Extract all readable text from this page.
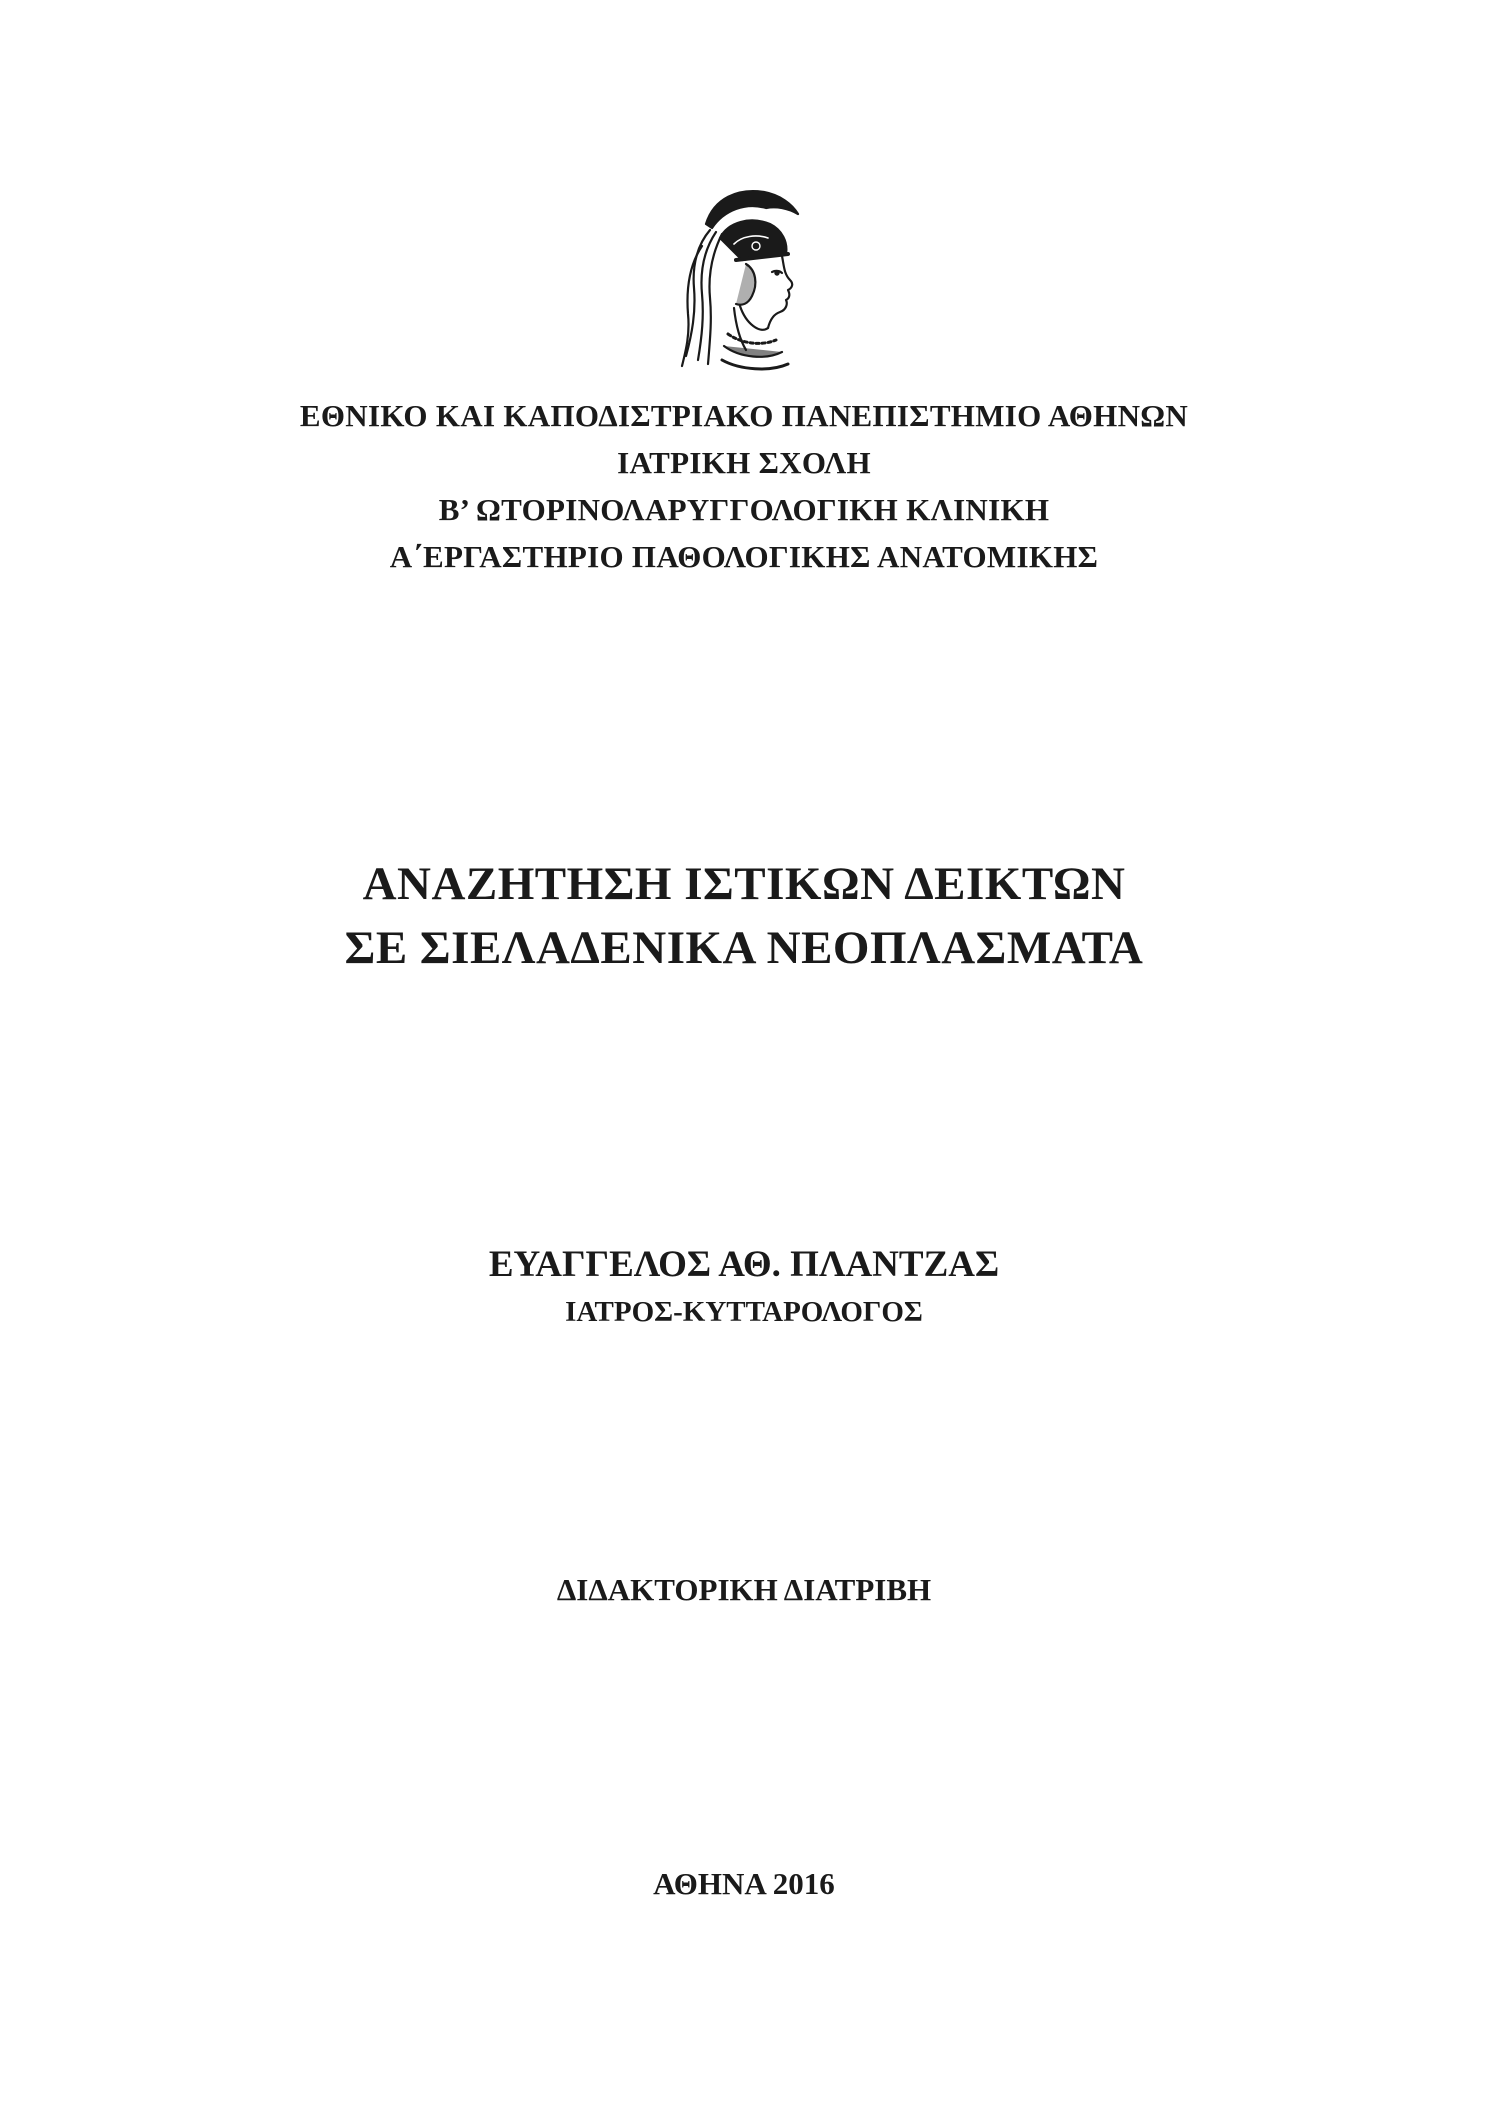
ΕΘΝΙΚΟ ΚΑΙ ΚΑΠΟΔΙΣΤΡΙΑΚΟ ΠΑΝΕΠΙΣΤΗΜΙΟ ΑΘΗΝΩΝ
ΙΑΤΡΙΚΗ ΣΧΟΛΗ
Β’ ΩΤΟΡΙΝΟΛΑΡΥΓΓΟΛΟΓΙΚΗ ΚΛΙΝΙΚΗ
Α΄ΕΡΓΑΣΤΗΡΙΟ ΠΑΘΟΛΟΓΙΚΗΣ ΑΝΑΤΟΜΙΚΗΣ
ΑΝΑΖΗΤΗΣΗ ΙΣΤΙΚΩΝ ΔΕΙΚΤΩΝ
ΣΕ ΣΙΕΛΑΔΕΝΙΚΑ ΝΕΟΠΛΑΣΜΑΤΑ
ΕΥΑΓΓΕΛΟΣ ΑΘ. ΠΛΑΝΤΖΑΣ
ΙΑΤΡΟΣ-ΚΥΤΤΑΡΟΛΟΓΟΣ
ΔΙΔΑΚΤΟΡΙΚΗ ΔΙΑΤΡΙΒΗ
ΑΘΗΝΑ 2016
